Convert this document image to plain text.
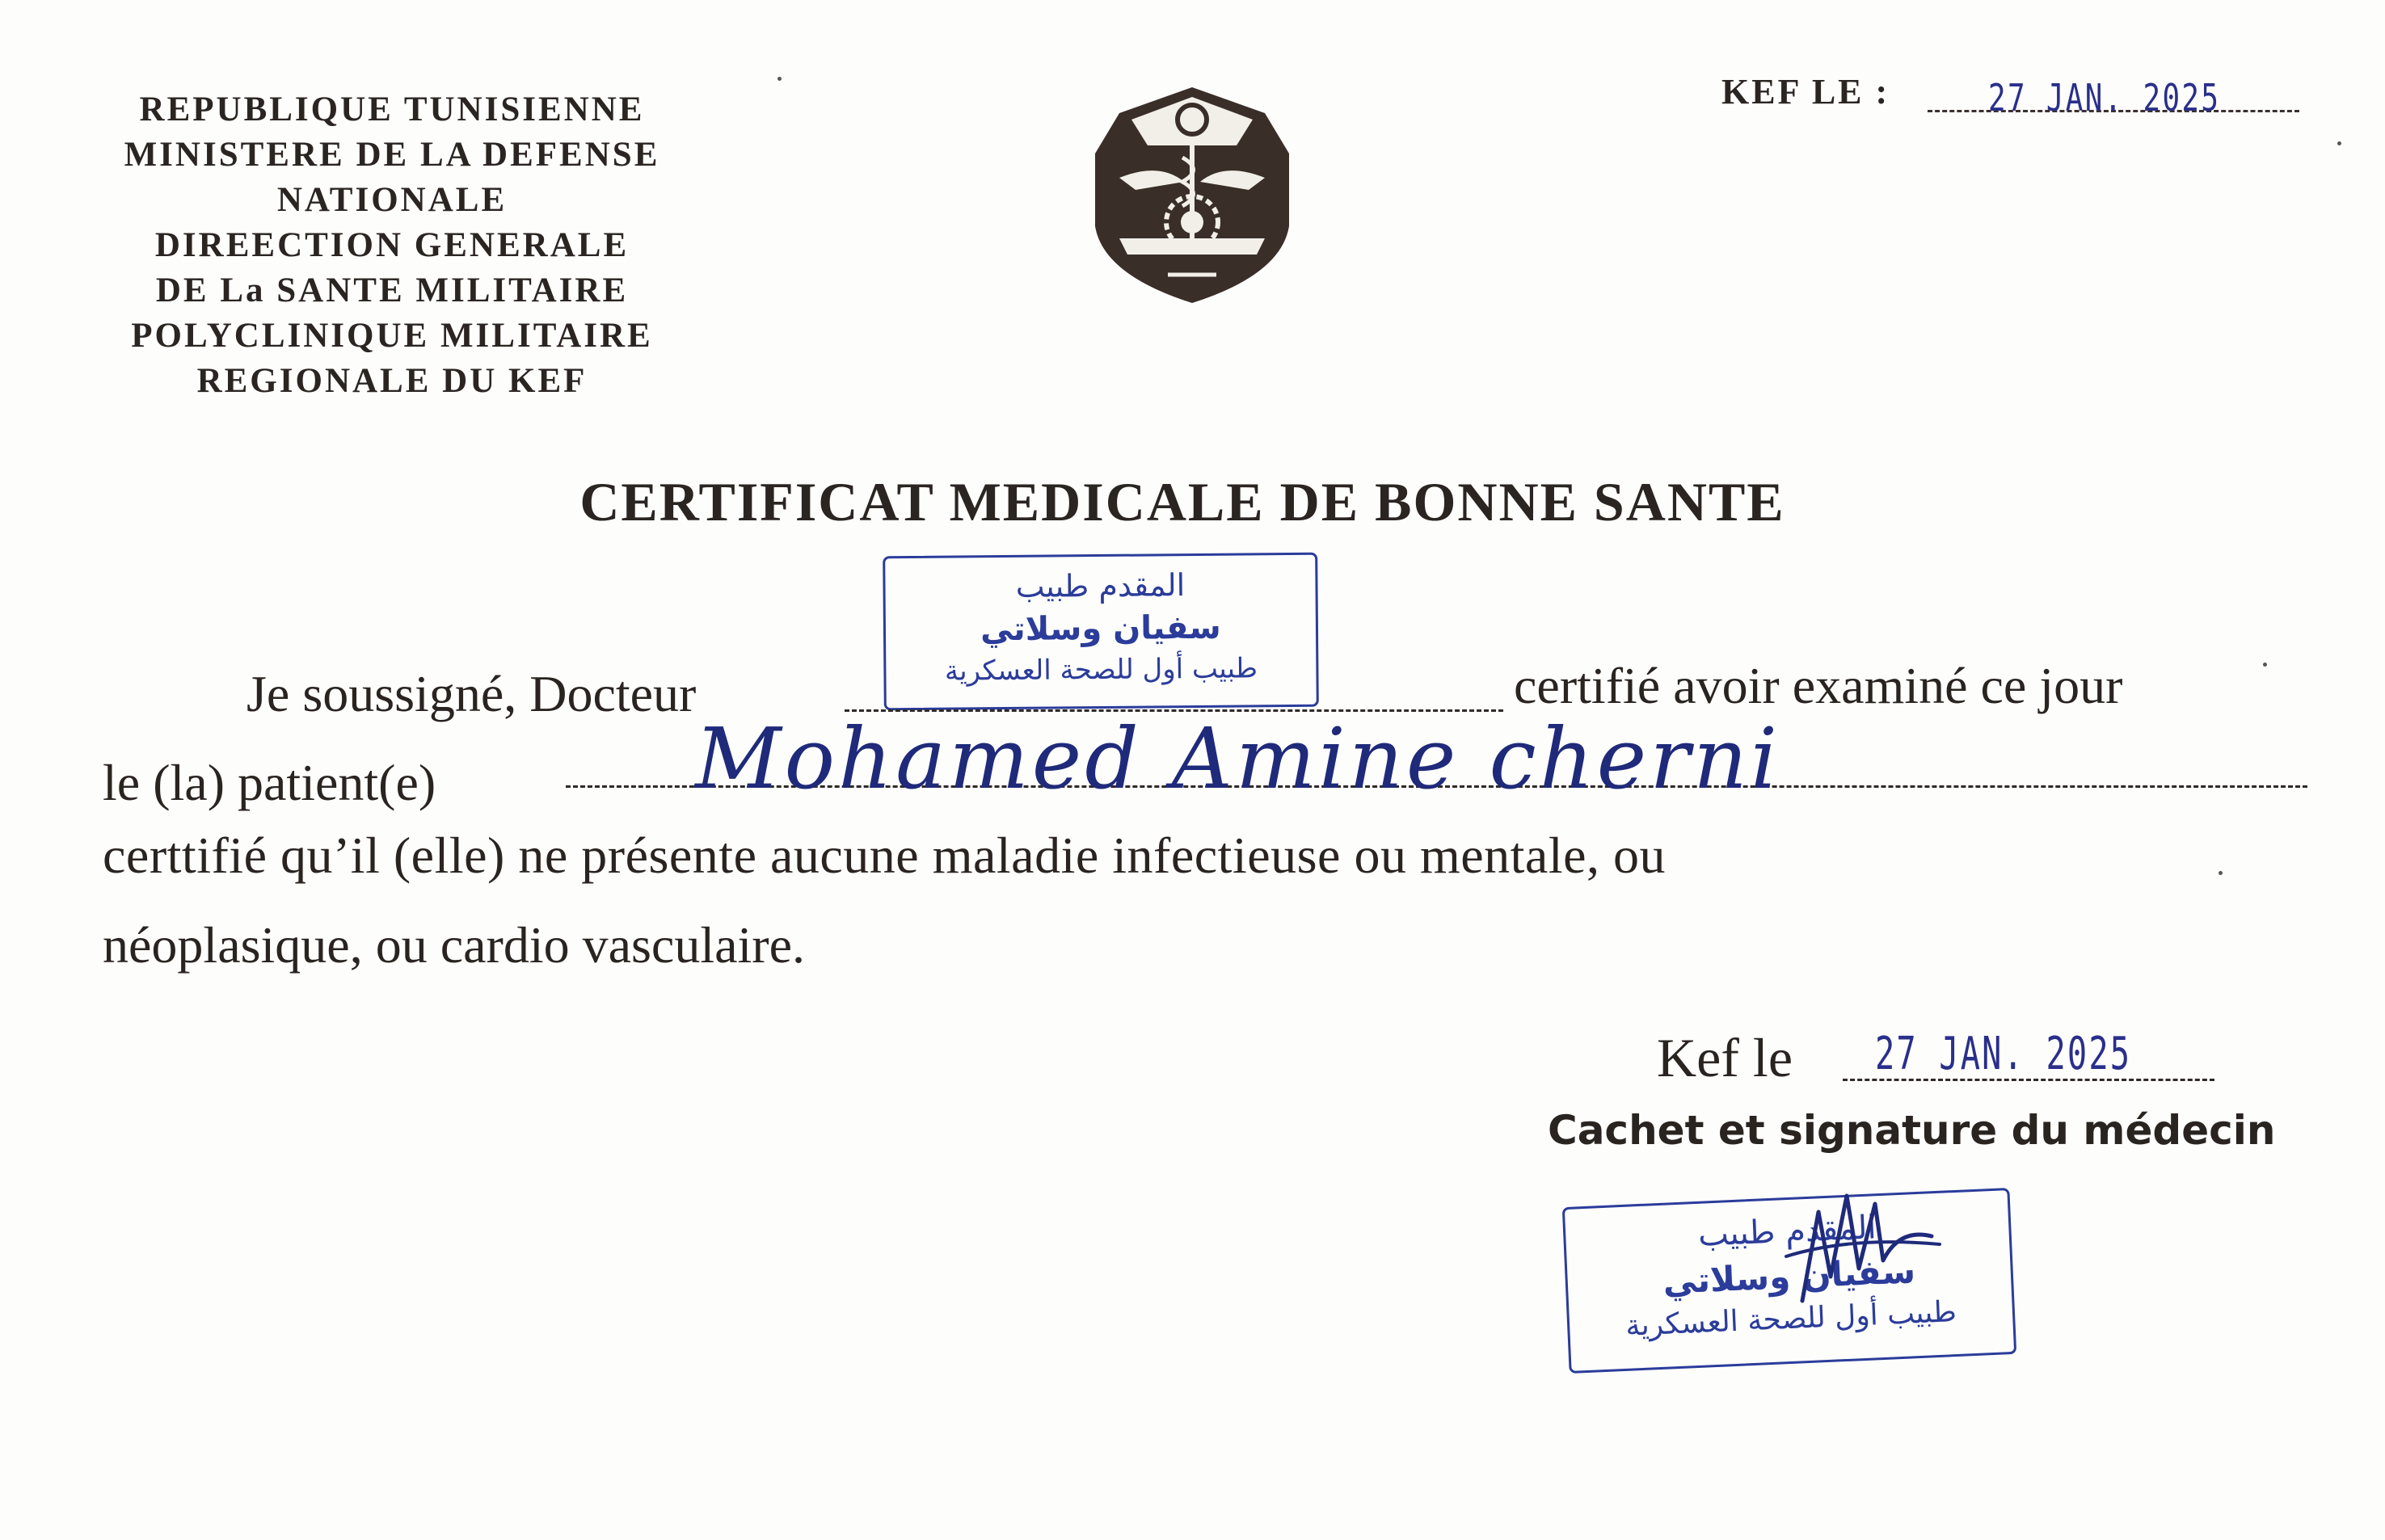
REPUBLIQUE TUNISIENNE
MINISTERE DE LA DEFENSE
NATIONALE
DIREECTION GENERALE
DE La SANTE MILITAIRE
POLYCLINIQUE MILITAIRE
REGIONALE DU KEF
KEF LE :	27 JAN. 2025
CERTIFICAT MEDICALE DE BONNE SANTE
المقدم طبيب
سفيان وسلاتي
طبيب أول للصحة العسكرية
Je soussigné, Docteur	certifié avoir examiné ce jour
le (la) patient(e)	Mohamed Amine cherni
certtifié qu’il (elle) ne présente aucune maladie infectieuse ou mentale, ou
néoplasique, ou cardio vasculaire.
Kef le 27 JAN. 2025
Cachet et signature du médecin
المقدم طبيب
سفيان وسلاتي
طبيب أول للصحة العسكرية
